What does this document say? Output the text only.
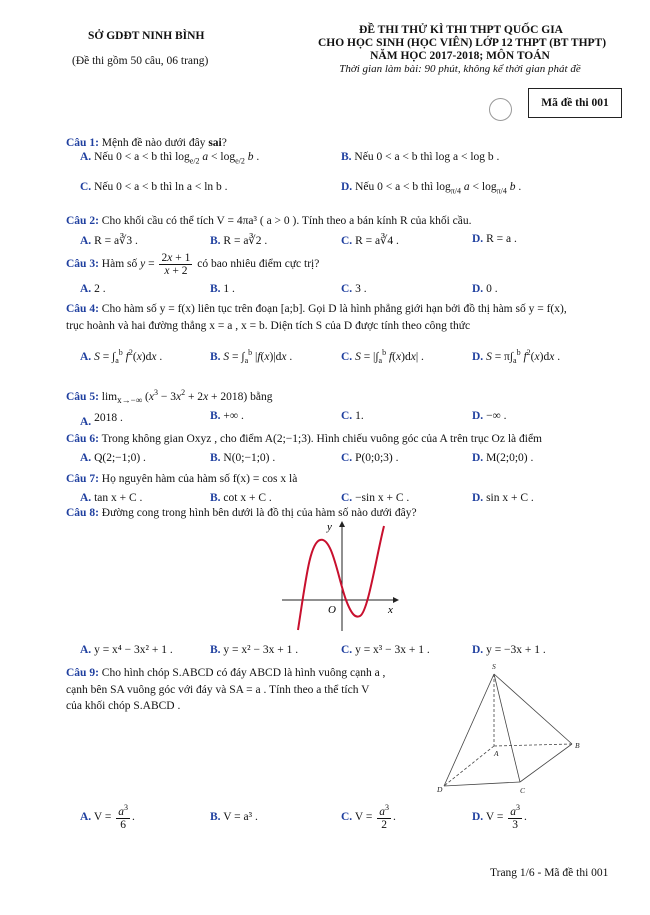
SỞ GDĐT NINH BÌNH
(Đề thi gồm 50 câu, 06 trang)
ĐỀ THI THỬ KÌ THI THPT QUỐC GIA
CHO HỌC SINH (HỌC VIÊN) LỚP 12 THPT (BT THPT)
NĂM HỌC 2017-2018; MÔN TOÁN
Thời gian làm bài: 90 phút, không kể thời gian phát đề
Mã đề thi 001
Câu 1: Mệnh đề nào dưới đây sai?
A. Nếu 0 < a < b thì $\log_{e/2} a < \log_{e/2} b$ .	B. Nếu 0 < a < b thì log a < log b .
C. Nếu 0 < a < b thì ln a < ln b .	D. Nếu 0 < a < b thì $\log_{\pi/4} a < \log_{\pi/4} b$ .
Câu 2: Cho khối cầu có thể tích V = 4πa³ ( a > 0 ). Tính theo a bán kính R của khối cầu.
A. R = a∛3 .	B. R = a∛2 .	C. R = a∛4 .	D. R = a .
Câu 3: Hàm số $y = \frac{2x + 1}{x + 2}$ có bao nhiêu điểm cực trị?
A. 2 .	B. 1 .	C. 3 .	D. 0 .
Câu 4: Cho hàm số y = f(x) liên tục trên đoạn [a;b]. Gọi D là hình phẳng giới hạn bởi đồ thị hàm số y = f(x),
trục hoành và hai đường thẳng x = a , x = b. Diện tích S của D được tính theo công thức
A. $S = \int_a^b$ $f^2(x)dx$ .	B. $S = \int_a^b$ |f(x)|dx .	C. $S = |\int_a^b$ f(x)dx| .	D. $S = \pi\int_a^b$ $f^2(x)dx$ .
Câu 5: $\lim_{x\to-\infty} (x^3 - 3x^2 + 2x + 2018)$ bằng
A. 2018 .	B. +∞ .	C. 1.	D. −∞ .
Câu 6: Trong không gian Oxyz , cho điểm A(2;−1;3). Hình chiếu vuông góc của A trên trục Oz là điểm
A. Q(2;−1;0) .	B. N(0;−1;0) .	C. P(0;0;3) .	D. M(2;0;0) .
Câu 7: Họ nguyên hàm của hàm số f(x) = cos x là
A. tan x + C .	B. cot x + C .	C. −sin x + C .	D. sin x + C .
Câu 8: Đường cong trong hình bên dưới là đồ thị của hàm số nào dưới đây?
y
x
O
A. y = x⁴ − 3x² + 1 .	B. y = x² − 3x + 1 .	C. y = x³ − 3x + 1 .	D. y = −3x + 1 .
Câu 9: Cho hình chóp S.ABCD có đáy ABCD là hình vuông cạnh a ,
cạnh bên SA vuông góc với đáy và SA = a . Tính theo a thể tích V
của khối chóp S.ABCD .
S
A
B
C
D
A. $V = \frac{a^3}{6}$ .	B. V = a³ .	C. $V = \frac{a^3}{2}$ .	D. $V = \frac{a^3}{3}$ .
Trang 1/6 - Mã đề thi 001
